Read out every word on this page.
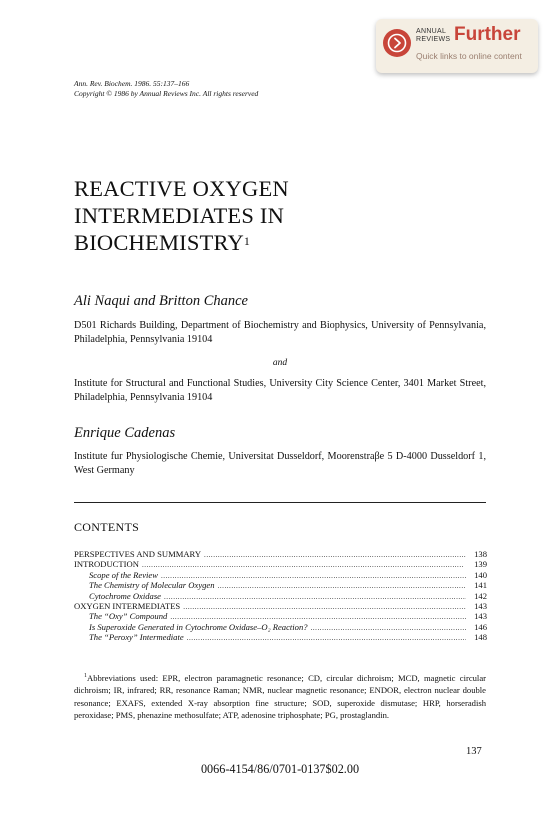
ANNUAL
REVIEWS Further
Quick links to online content
Ann. Rev. Biochem. 1986. 55:137–166
Copyright © 1986 by Annual Reviews Inc. All rights reserved
REACTIVE OXYGEN
INTERMEDIATES IN
BIOCHEMISTRY$^1$
Ali Naqui and Britton Chance
D501 Richards Building, Department of Biochemistry and Biophysics, University of Pennsylvania, Philadelphia, Pennsylvania 19104
and
Institute for Structural and Functional Studies, University City Science Center, 3401 Market Street, Philadelphia, Pennsylvania 19104
Enrique Cadenas
Institute fur Physiologische Chemie, Universitat Dusseldorf, Moorenstraβe 5 D-4000 Dusseldorf 1, West Germany
CONTENTS
PERSPECTIVES AND SUMMARY . . .	138
INTRODUCTION . . .	139
Scope of the Review . . .	140
The Chemistry of Molecular Oxygen . . .	141
Cytochrome Oxidase . . .	142
OXYGEN INTERMEDIATES . . .	143
The “Oxy” Compound . . .	143
Is Superoxide Generated in Cytochrome Oxidase–O₂ Reaction? . . .	146
The “Peroxy” Intermediate . . .	148
$^1$Abbreviations used: EPR, electron paramagnetic resonance; CD, circular dichroism; MCD, magnetic circular dichroism; IR, infrared; RR, resonance Raman; NMR, nuclear magnetic resonance; ENDOR, electron nuclear double resonance; EXAFS, extended X-ray absorption fine structure; SOD, superoxide dismutase; HRP, horseradish peroxidase; PMS, phenazine methosulfate; ATP, adenosine triphosphate; PG, prostaglandin.
137
0066-4154/86/0701-0137$02.00
